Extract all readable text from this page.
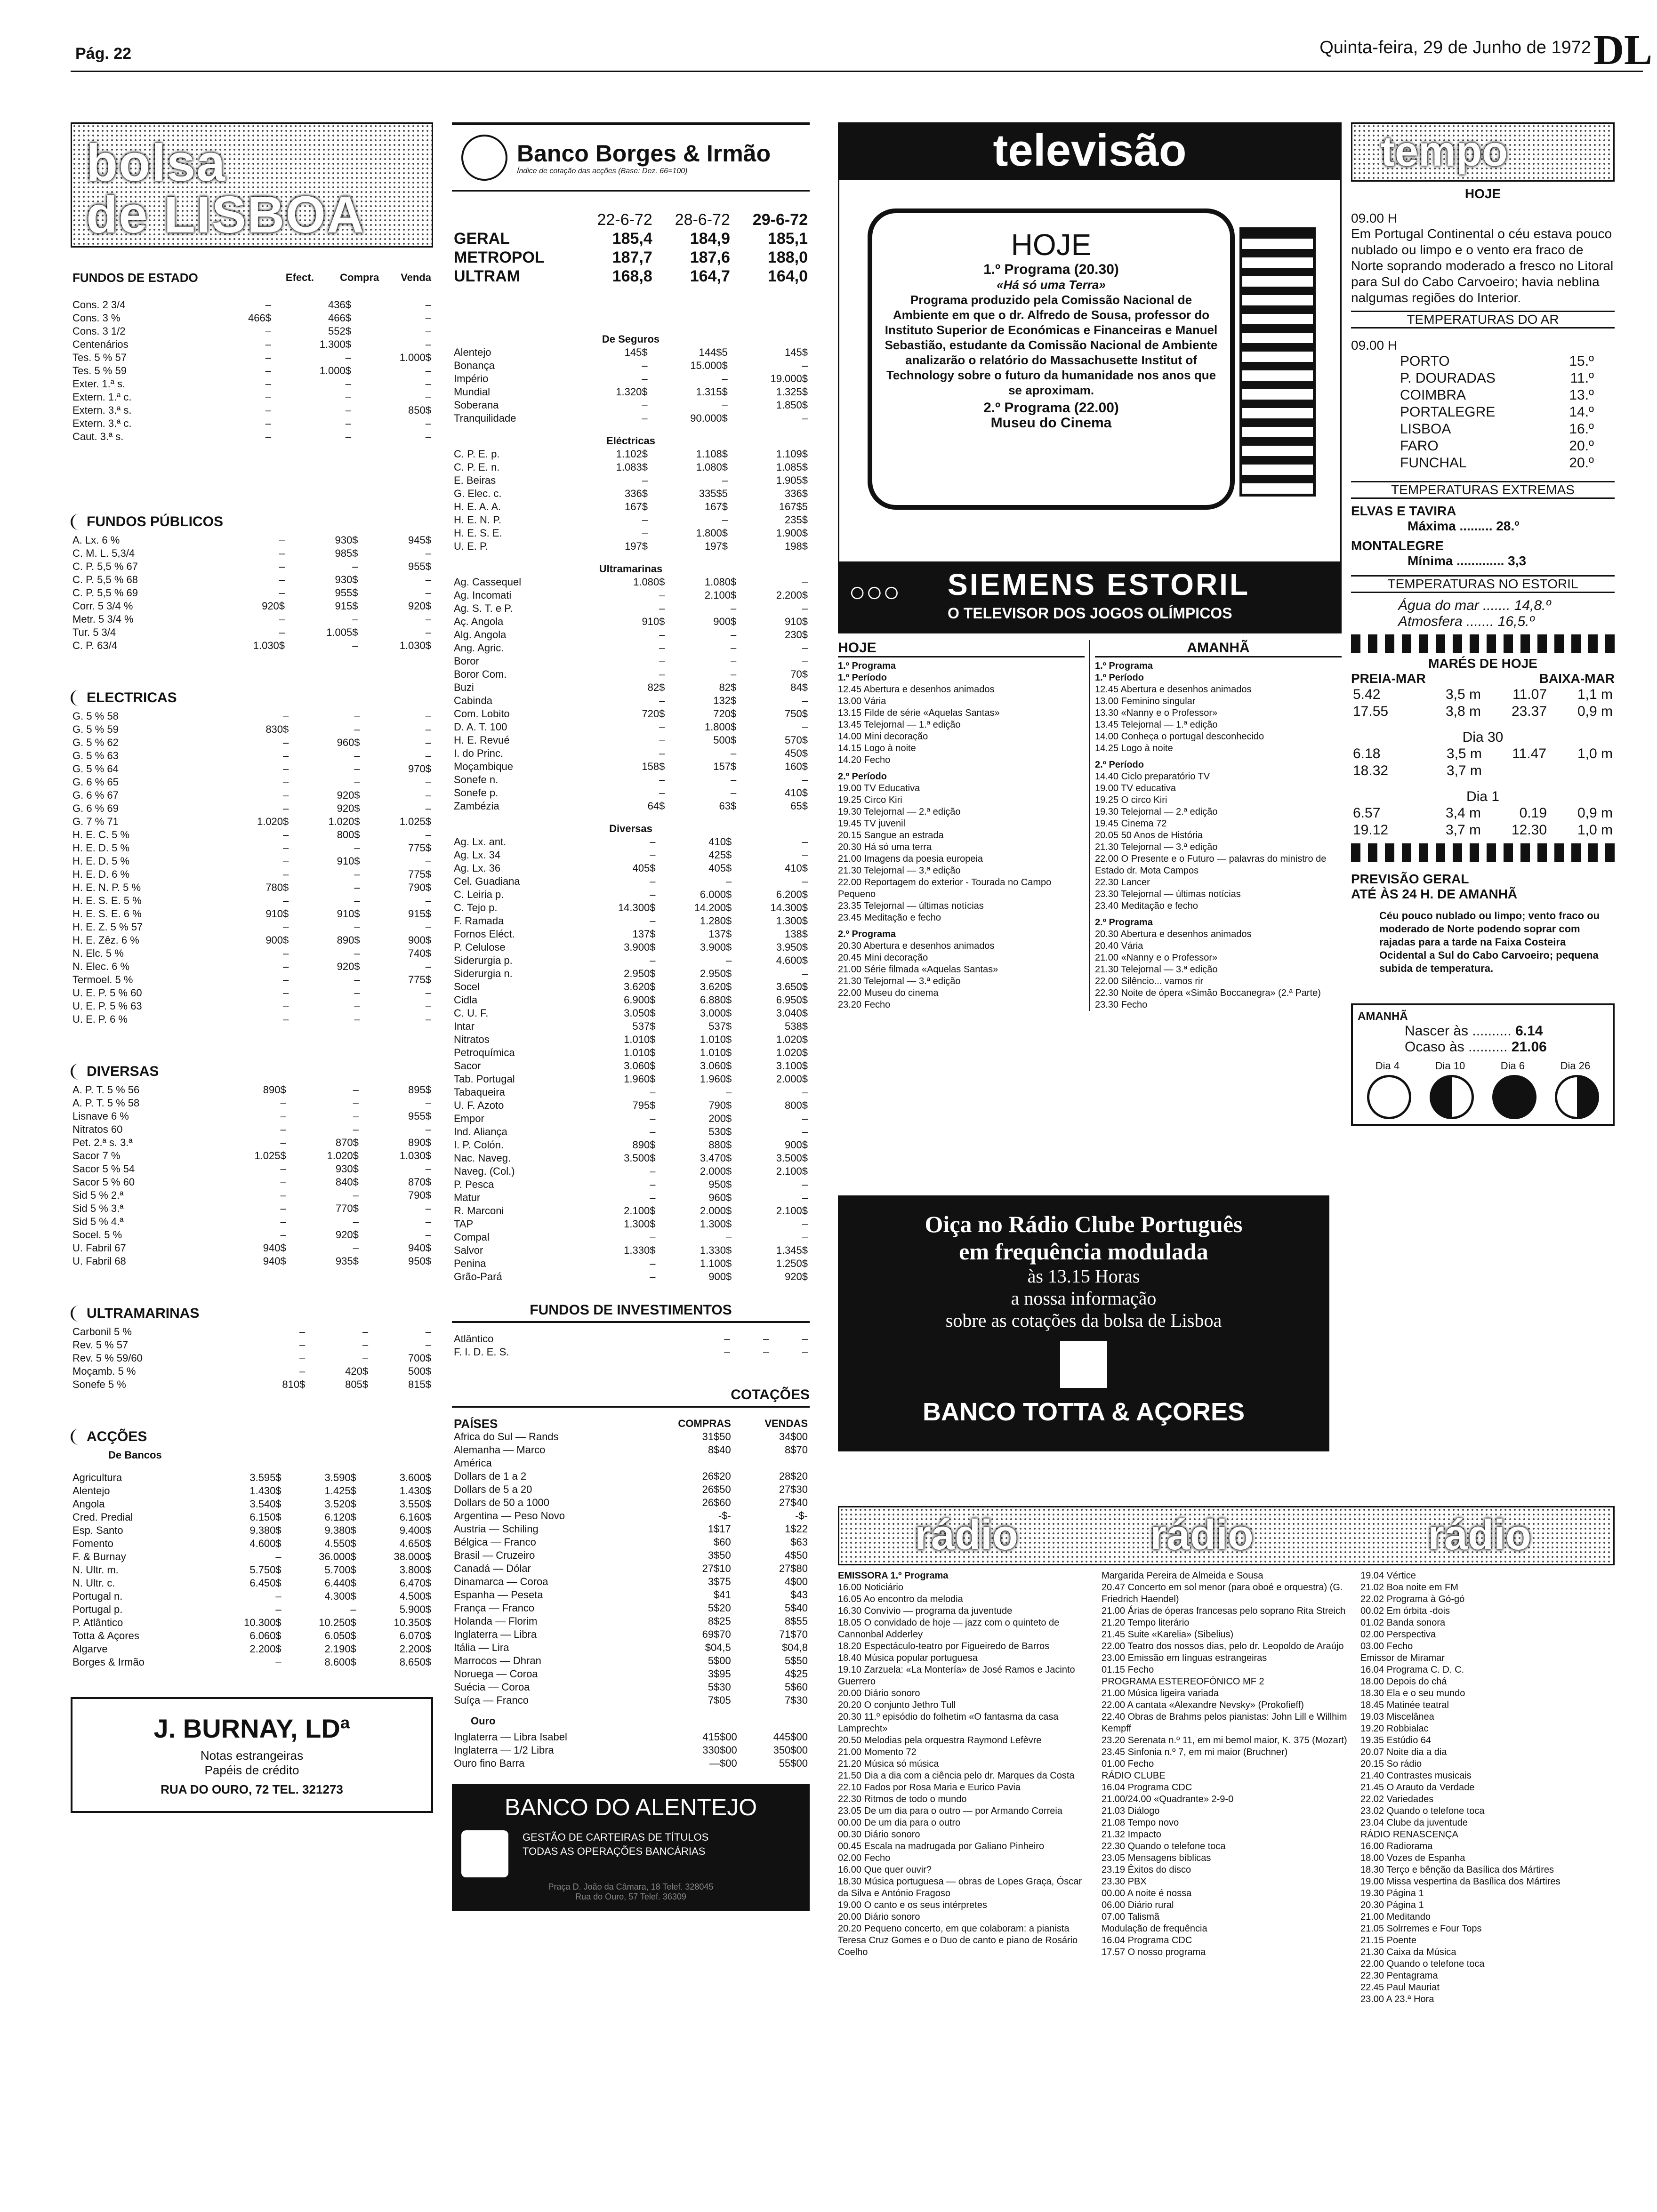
Pág. 22	Quinta-feira, 29 de Junho de 1972 DL
bolsa
de LISBOA
FUNDOS DE ESTADO	Efect.	Compra	Venda
Cons. 2 3/4	–	436$	–
Cons. 3 %	466$	466$	–
Cons. 3 1/2	–	552$	–
Centenários	–	1.300$	–
Tes. 5 % 57	–	–	1.000$
Tes. 5 % 59	–	1.000$	–
Exter. 1.ª s.	–	–	–
Extern. 1.ª c.	–	–	–
Extern. 3.ª s.	–	–	850$
Extern. 3.ª c.	–	–	–
Caut. 3.ª s.	–	–	–
FUNDOS PÚBLICOS
A. Lx. 6 %	–	930$	945$
C. M. L. 5,3/4	–	985$	–
C. P. 5,5 % 67	–	–	955$
C. P. 5,5 % 68	–	930$	–
C. P. 5,5 % 69	–	955$	–
Corr. 5 3/4 %	920$	915$	920$
Metr. 5 3/4 %	–	–	–
Tur. 5 3/4	–	1.005$	–
C. P. 63/4	1.030$	–	1.030$
ELECTRICAS
G. 5 % 58	–	–	–
G. 5 % 59	830$	–	–
G. 5 % 62	–	960$	–
G. 5 % 63	–	–	–
G. 5 % 64	–	–	970$
G. 6 % 65	–	–	–
G. 6 % 67	–	920$	–
G. 6 % 69	–	920$	–
G. 7 % 71	1.020$	1.020$	1.025$
H. E. C. 5 %	–	800$	–
H. E. D. 5 %	–	–	775$
H. E. D. 5 %	–	910$	–
H. E. D. 6 %	–	–	775$
H. E. N. P. 5 %	780$	–	790$
H. E. S. E. 5 %	–	–	–
H. E. S. E. 6 %	910$	910$	915$
H. E. Z. 5 % 57	–	–	–
H. E. Zêz. 6 %	900$	890$	900$
N. Elc. 5 %	–	–	740$
N. Elec. 6 %	–	920$	–
Termoel. 5 %	–	–	775$
U. E. P. 5 % 60	–	–	–
U. E. P. 5 % 63	–	–	–
U. E. P. 6 %	–	–	–
DIVERSAS
A. P. T. 5 % 56	890$	–	895$
A. P. T. 5 % 58	–	–	–
Lisnave 6 %	–	–	955$
Nitratos 60	–	–	–
Pet. 2.ª s. 3.ª	–	870$	890$
Sacor 7 %	1.025$	1.020$	1.030$
Sacor 5 % 54	–	930$	–
Sacor 5 % 60	–	840$	870$
Sid 5 % 2.ª	–	–	790$
Sid 5 % 3.ª	–	770$	–
Sid 5 % 4.ª	–	–	–
Socel. 5 %	–	920$	–
U. Fabril 67	940$	–	940$
U. Fabril 68	940$	935$	950$
ULTRAMARINAS
Carbonil 5 %	–	–	–
Rev. 5 % 57	–	–	–
Rev. 5 % 59/60	–	–	700$
Moçamb. 5 %	–	420$	500$
Sonefe 5 %	810$	805$	815$
ACÇÕES
De Bancos
Agricultura	3.595$	3.590$	3.600$
Alentejo	1.430$	1.425$	1.430$
Angola	3.540$	3.520$	3.550$
Cred. Predial	6.150$	6.120$	6.160$
Esp. Santo	9.380$	9.380$	9.400$
Fomento	4.600$	4.550$	4.650$
F. & Burnay	–	36.000$	38.000$
N. Ultr. m.	5.750$	5.700$	3.800$
N. Ultr. c.	6.450$	6.440$	6.470$
Portugal n.	–	4.300$	4.500$
Portugal p.	–	–	5.900$
P. Atlântico	10.300$	10.250$	10.350$
Totta & Açores	6.060$	6.050$	6.070$
Algarve	2.200$	2.190$	2.200$
Borges & Irmão	–	8.600$	8.650$
J. BURNAY, LDª
Notas estrangeiras
Papéis de crédito
RUA DO OURO, 72 TEL. 321273
Banco Borges & Irmão
Índice de cotação das acções (Base: Dez. 66=100)
	22-6-72	28-6-72	29-6-72
GERAL	185,4	184,9	185,1
METROPOL	187,7	187,6	188,0
ULTRAM	168,8	164,7	164,0
De Seguros
Alentejo	145$	144$5	145$
Bonança	–	15.000$	–
Império	–	–	19.000$
Mundial	1.320$	1.315$	1.325$
Soberana	–	–	1.850$
Tranquilidade	–	90.000$	–
Eléctricas
C. P. E. p.	1.102$	1.108$	1.109$
C. P. E. n.	1.083$	1.080$	1.085$
E. Beiras	–	–	1.905$
G. Elec. c.	336$	335$5	336$
H. E. A. A.	167$	167$	167$5
H. E. N. P.	–	–	235$
H. E. S. E.	–	1.800$	1.900$
U. E. P.	197$	197$	198$
Ultramarinas
Ag. Cassequel	1.080$	1.080$	–
Ag. Incomati	–	2.100$	2.200$
Ag. S. T. e P.	–	–	–
Aç. Angola	910$	900$	910$
Alg. Angola	–	–	230$
Ang. Agric.	–	–	–
Boror	–	–	–
Boror Com.	–	–	70$
Buzi	82$	82$	84$
Cabinda	–	132$	–
Com. Lobito	720$	720$	750$
D. A. T. 100	–	1.800$	–
H. E. Revué	–	500$	570$
I. do Princ.	–	–	450$
Moçambique	158$	157$	160$
Sonefe n.	–	–	–
Sonefe p.	–	–	410$
Zambézia	64$	63$	65$
Diversas
Ag. Lx. ant.	–	410$	–
Ag. Lx. 34	–	425$	–
Ag. Lx. 36	405$	405$	410$
Cel. Guadiana	–	–	–
C. Leiria p.	–	6.000$	6.200$
C. Tejo p.	14.300$	14.200$	14.300$
F. Ramada	–	1.280$	1.300$
Fornos Eléct.	137$	137$	138$
P. Celulose	3.900$	3.900$	3.950$
Siderurgia p.	–	–	4.600$
Siderurgia n.	2.950$	2.950$	–
Socel	3.620$	3.620$	3.650$
Cidla	6.900$	6.880$	6.950$
C. U. F.	3.050$	3.000$	3.040$
Intar	537$	537$	538$
Nitratos	1.010$	1.010$	1.020$
Petroquímica	1.010$	1.010$	1.020$
Sacor	3.060$	3.060$	3.100$
Tab. Portugal	1.960$	1.960$	2.000$
Tabaqueira	–	–	–
U. F. Azoto	795$	790$	800$
Empor	–	200$	–
Ind. Aliança	–	530$	–
I. P. Colón.	890$	880$	900$
Nac. Naveg.	3.500$	3.470$	3.500$
Naveg. (Col.)	–	2.000$	2.100$
P. Pesca	–	950$	–
Matur	–	960$	–
R. Marconi	2.100$	2.000$	2.100$
TAP	1.300$	1.300$	–
Compal	–	–	–
Salvor	1.330$	1.330$	1.345$
Penina	–	1.100$	1.250$
Grão-Pará	–	900$	920$
FUNDOS DE INVESTIMENTOS
Atlântico	–	–	–
F. I. D. E. S.	–	–	–
COTAÇÕES
PAÍSES	COMPRAS	VENDAS
Africa do Sul — Rands	31$50	34$00
Alemanha — Marco	8$40	8$70
América		
Dollars de 1 a 2	26$20	28$20
Dollars de 5 a 20	26$50	27$30
Dollars de 50 a 1000	26$60	27$40
Argentina — Peso Novo	-$-	-$-
Austria — Schiling	1$17	1$22
Bélgica — Franco	$60	$63
Brasil — Cruzeiro	3$50	4$50
Canadá — Dólar	27$10	27$80
Dinamarca — Coroa	3$75	4$00
Espanha — Peseta	$41	$43
França — Franco	5$20	5$40
Holanda — Florim	8$25	8$55
Inglaterra — Libra	69$70	71$70
Itália — Lira	$04,5	$04,8
Marrocos — Dhran	5$00	5$50
Noruega — Coroa	3$95	4$25
Suécia — Coroa	5$30	5$60
Suíça — Franco	7$05	7$30
Ouro
Inglaterra — Libra Isabel	415$00	445$00
Inglaterra — 1/2 Libra	330$00	350$00
Ouro fino Barra	—$00	55$00
BANCO DO ALENTEJO
GESTÃO DE CARTEIRAS DE TÍTULOS
TODAS AS OPERAÇÕES BANCÁRIAS
Praça D. João da Câmara, 18 Telef. 328045
Rua do Ouro, 57 Telef. 36309
televisão
HOJE

1.º Programa (20.30)

«Há só uma Terra»

Programa produzido pela Comissão Nacional de Ambiente em que o dr. Alfredo de Sousa, professor do Instituto Superior de Económicas e Financeiras e Manuel Sebastião, estudante da Comissão Nacional de Ambiente analizarão o relatório do Massachusette Institut of Technology sobre o futuro da humanidade nos anos que se aproximam.

2.º Programa (22.00)

Museu do Cinema

○○○ SIEMENS ESTORIL
O TELEVISOR DOS JOGOS OLÍMPICOS
HOJE
1.º Programa
1.º Período
12.45 Abertura e desenhos animados
13.00 Vária
13.15 Filde de série «Aquelas Santas»
13.45 Telejornal — 1.ª edição
14.00 Mini decoração
14.15 Logo à noite
14.20 Fecho
2.º Período
19.00 TV Educativa
19.25 Circo Kiri
19.30 Telejornal — 2.ª edição
19.45 TV juvenil
20.15 Sangue an estrada
20.30 Há só uma terra
21.00 Imagens da poesia europeia
21.30 Telejornal — 3.ª edição
22.00 Reportagem do exterior - Tourada no Campo Pequeno
23.35 Telejornal — últimas notícias
23.45 Meditação e fecho
2.º Programa
20.30 Abertura e desenhos animados
20.45 Mini decoração
21.00 Série filmada «Aquelas Santas»
21.30 Telejornal — 3.ª edição
22.00 Museu do cinema
23.20 Fecho
AMANHÃ
1.º Programa
1.º Período
12.45 Abertura e desenhos animados
13.00 Feminino singular
13.30 «Nanny e o Professor»
13.45 Telejornal — 1.ª edição
14.00 Conheça o portugal desconhecido
14.25 Logo à noite
2.º Período
14.40 Ciclo preparatório TV
19.00 TV educativa
19.25 O circo Kiri
19.30 Telejornal — 2.ª edição
19.45 Cinema 72
20.05 50 Anos de História
21.30 Telejornal — 3.ª edição
22.00 O Presente e o Futuro — palavras do ministro de Estado dr. Mota Campos
22.30 Lancer
23.30 Telejornal — últimas notícias
23.40 Meditação e fecho
2.º Programa
20.30 Abertura e desenhos animados
20.40 Vária
21.00 «Nanny e o Professor»
21.30 Telejornal — 3.ª edição
22.00 Silêncio... vamos rir
22.30 Noite de ópera «Simão Boccanegra» (2.ª Parte)
23.30 Fecho
Oiça no Rádio Clube Português
em frequência modulada
às 13.15 Horas
a nossa informação
sobre as cotações da bolsa de Lisboa
BANCO TOTTA & AÇORES
rádio	rádio	rádio
EMISSORA 1.º Programa
16.00 Noticiário
16.05 Ao encontro da melodia
16.30 Convívio — programa da juventude
18.05 O convidado de hoje — jazz com o quinteto de Cannonbal Adderley
18.20 Espectáculo-teatro por Figueiredo de Barros
18.40 Música popular portuguesa
19.10 Zarzuela: «La Montería» de José Ramos e Jacinto Guerrero
20.00 Diário sonoro
20.20 O conjunto Jethro Tull
20.30 11.º episódio do folhetim «O fantasma da casa Lamprecht»
20.50 Melodias pela orquestra Raymond Lefèvre
21.00 Momento 72
21.20 Música só música
21.50 Dia a dia com a ciência pelo dr. Marques da Costa
22.10 Fados por Rosa Maria e Eurico Pavia
22.30 Ritmos de todo o mundo
23.05 De um dia para o outro — por Armando Correia
00.00 De um dia para o outro
00.30 Diário sonoro
00.45 Escala na madrugada por Galiano Pinheiro
02.00 Fecho
16.00 Que quer ouvir?
18.30 Música portuguesa — obras de Lopes Graça, Óscar da Silva e António Fragoso
19.00 O canto e os seus intérpretes
20.00 Diário sonoro
20.20 Pequeno concerto, em que colaboram: a pianista Teresa Cruz Gomes e o Duo de canto e piano de Rosário Coelho
Margarida Pereira de Almeida e Sousa
20.47 Concerto em sol menor (para oboé e orquestra) (G. Friedrich Haendel)
21.00 Árias de óperas francesas pelo soprano Rita Streich
21.20 Tempo literário
21.45 Suite «Karelia» (Sibelius)
22.00 Teatro dos nossos dias, pelo dr. Leopoldo de Araújo
23.00 Emissão em línguas estrangeiras
01.15 Fecho
PROGRAMA ESTEREOFÓNICO MF 2
21.00 Música ligeira variada
22.00 A cantata «Alexandre Nevsky» (Prokofieff)
22.40 Obras de Brahms pelos pianistas: John Lill e Willhim Kempff
23.20 Serenata n.º 11, em mi bemol maior, K. 375 (Mozart)
23.45 Sinfonia n.º 7, em mi maior (Bruchner)
01.00 Fecho
RÁDIO CLUBE
16.04 Programa CDC
21.00/24.00 «Quadrante» 2-9-0
21.03 Diálogo
21.08 Tempo novo
21.32 Impacto
22.30 Quando o telefone toca
23.05 Mensagens bíblicas
23.19 Êxitos do disco
23.30 PBX
00.00 A noite é nossa
06.00 Diário rural
07.00 Talismã
Modulação de frequência
16.04 Programa CDC
17.57 O nosso programa
19.04 Vértice
21.02 Boa noite em FM
22.02 Programa à Gó-gó
00.02 Em órbita -dois
01.02 Banda sonora
02.00 Perspectiva
03.00 Fecho
Emissor de Miramar
16.04 Programa C. D. C.
18.00 Depois do chá
18.30 Ela e o seu mundo
18.45 Matinée teatral
19.03 Miscelânea
19.20 Robbialac
19.35 Estúdio 64
20.07 Noite dia a dia
20.15 So rádio
21.40 Contrastes musicais
21.45 O Arauto da Verdade
22.02 Variedades
23.02 Quando o telefone toca
23.04 Clube da juventude
RÁDIO RENASCENÇA
16.00 Radiorama
18.00 Vozes de Espanha
18.30 Terço e bênção da Basílica dos Mártires
19.00 Missa vespertina da Basílica dos Mártires
19.30 Página 1
20.30 Página 1
21.00 Meditando
21.05 Solrremes e Four Tops
21.15 Poente
21.30 Caixa da Música
22.00 Quando o telefone toca
22.30 Pentagrama
22.45 Paul Mauriat
23.00 A 23.ª Hora
tempo
HOJE
09.00 H
Em Portugal Continental o céu estava pouco nublado ou limpo e o vento era fraco de Norte soprando moderado a fresco no Litoral para Sul do Cabo Carvoeiro; havia neblina nalgumas regiões do Interior.
TEMPERATURAS DO AR
09.00 H
PORTO	15.º
P. DOURADAS	11.º
COIMBRA	13.º
PORTALEGRE	14.º
LISBOA	16.º
FARO	20.º
FUNCHAL	20.º
TEMPERATURAS EXTREMAS
ELVAS E TAVIRA
Máxima ......... 28.º
MONTALEGRE
Mínima ............. 3,3
TEMPERATURAS NO ESTORIL
Água do mar ....... 14,8.º
Atmosfera ....... 16,5.º
MARÉS DE HOJE
PREIA-MAR	BAIXA-MAR
5.42	3,5 m	11.07	1,1 m
17.55	3,8 m	23.37	0,9 m
Dia 30
6.18	3,5 m	11.47	1,0 m
18.32	3,7 m		
Dia 1
6.57	3,4 m	0.19	0,9 m
19.12	3,7 m	12.30	1,0 m
PREVISÃO GERAL
ATÉ ÀS 24 H. DE AMANHÃ
Céu pouco nublado ou limpo; vento fraco ou moderado de Norte podendo soprar com rajadas para a tarde na Faixa Costeira Ocidental a Sul do Cabo Carvoeiro; pequena subida de temperatura.
AMANHÃ
Nascer às .......... 6.14
Ocaso às .......... 21.06
Dia 4	Dia 10	Dia 6	Dia 26
